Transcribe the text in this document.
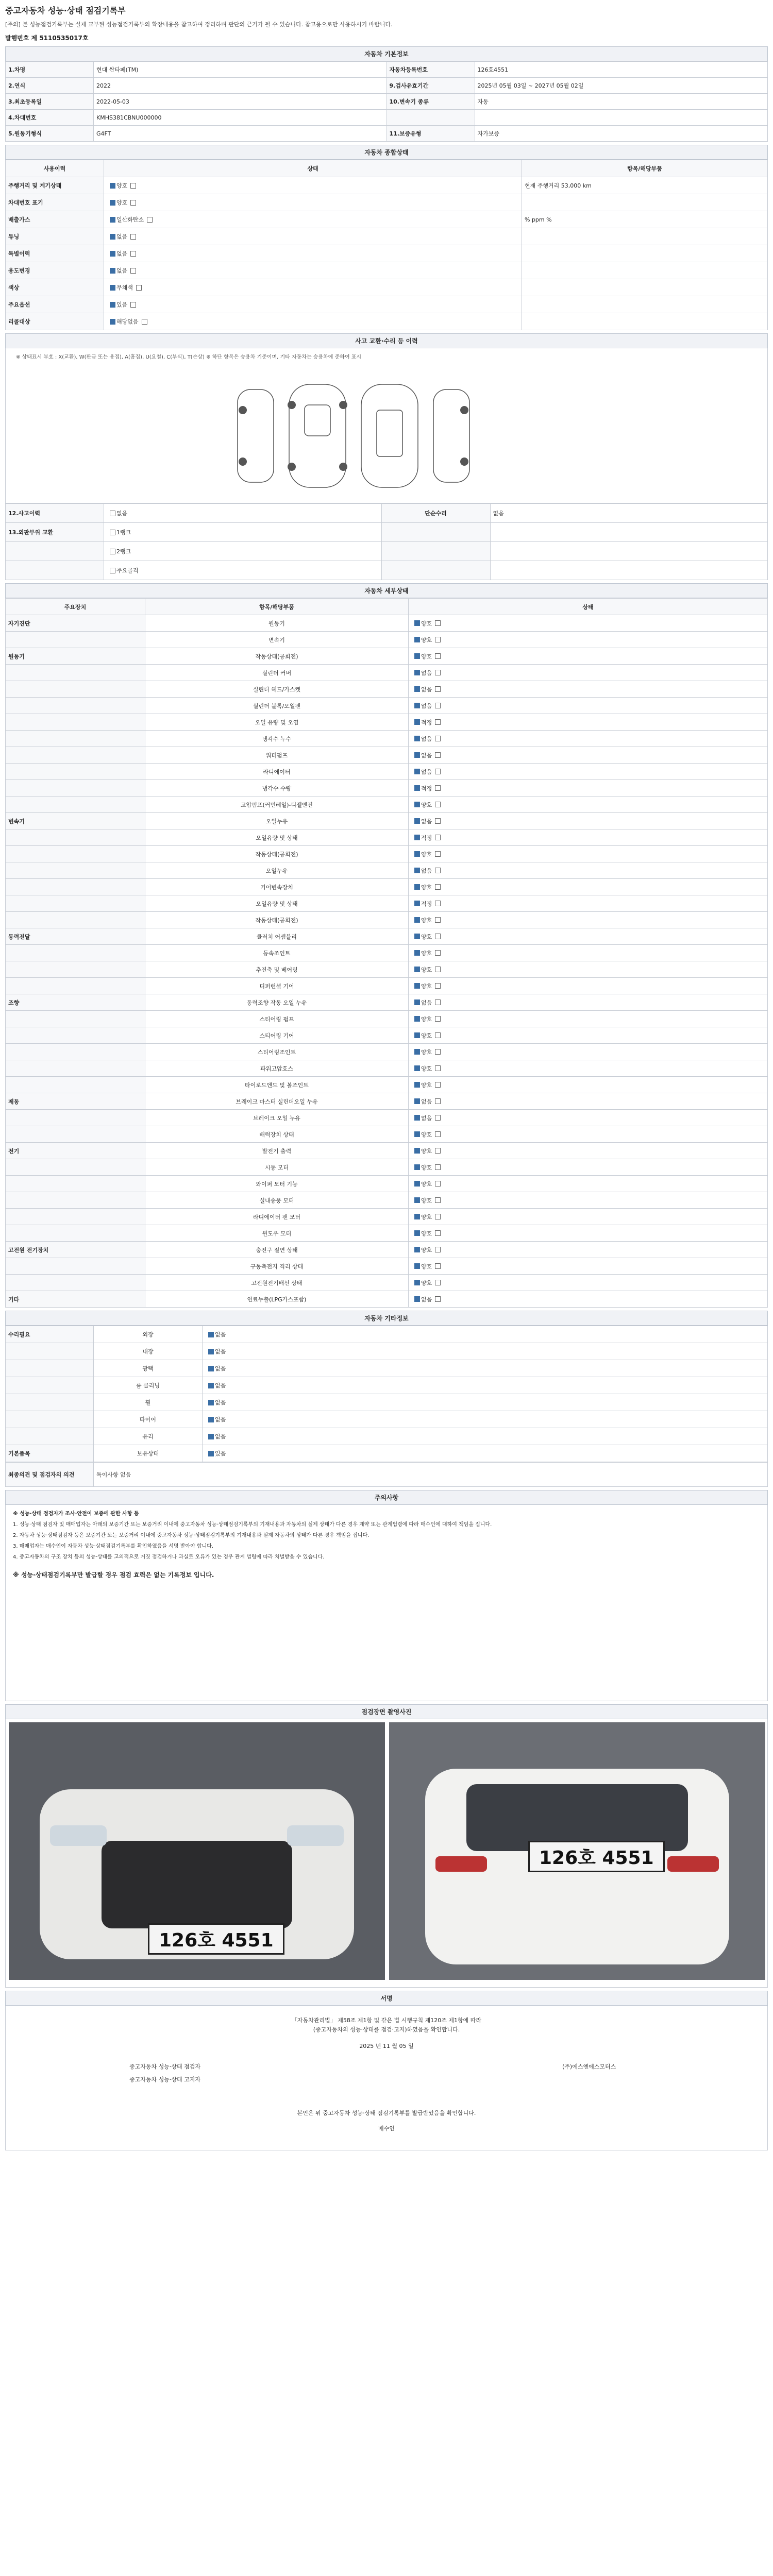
중고자동차 성능·상태 점검기록부
[주의] 본 성능점검기록부는 실제 교부된 성능점검기록부의 확장내용을 참고하여 정리하며 판단의 근거가 될 수 있습니다. 참고용으로만 사용하시기 바랍니다.
발행번호 제 5110535017호
자동차 기본정보
1.차명	현대 싼타페(TM)	자동차등록번호	126호4551
2.연식	2022	9.검사유효기간	2025년 05월 03일 ~ 2027년 05월 02일
3.최초등록일	2022-05-03	10.변속기 종류	자동
4.차대번호	KMHS381CBNU000000		
5.원동기형식	G4FT	11.보증유형	자가보증
자동차 종합상태
사용이력	상태	항목/해당부품
주행거리 및 계기상태	양호	현재 주행거리 53,000 km
차대번호 표기	양호	
배출가스	일산화탄소	% ppm %
튜닝	없음	
특별이력	없음	
용도변경	없음	
색상	무채색	
주요옵션	있음	
리콜대상	해당없음	
사고 교환·수리 등 이력
※ 상태표시 부호 : X(교환), W(판금 또는 용접), A(흠집), U(요철), C(부식), T(손상) ※ 하단 항목은 승용차 기준이며, 기타 자동차는 승용차에 준하여 표시
12.사고이력	없음	단순수리	없음
13.외판부위 교환	1랭크		
	2랭크		
	주요골격		
자동차 세부상태
주요장치	항목/해당부품	상태
자기진단	원동기	양호
	변속기	양호
원동기	작동상태(공회전)	양호
	실린더 커버	없음
	실린더 헤드/가스켓	없음
	실린더 블록/오일팬	없음
	오일 유량 및 오염	적정
	냉각수 누수	없음
	워터펌프	없음
	라디에이터	없음
	냉각수 수량	적정
	고압펌프(커먼레일)-디젤엔진	양호
변속기	오일누유	없음
	오일유량 및 상태	적정
	작동상태(공회전)	양호
	오일누유	없음
	기어변속장치	양호
	오일유량 및 상태	적정
	작동상태(공회전)	양호
동력전달	클러치 어셈블리	양호
	등속조인트	양호
	추진축 및 베어링	양호
	디퍼런셜 기어	양호
조향	동력조향 작동 오일 누유	없음
	스티어링 펌프	양호
	스티어링 기어	양호
	스티어링조인트	양호
	파워고압호스	양호
	타이로드엔드 및 볼조인트	양호
제동	브레이크 마스터 실린더오일 누유	없음
	브레이크 오일 누유	없음
	배력장치 상태	양호
전기	발전기 출력	양호
	시동 모터	양호
	와이퍼 모터 기능	양호
	실내송풍 모터	양호
	라디에이터 팬 모터	양호
	윈도우 모터	양호
고전원 전기장치	충전구 절연 상태	양호
	구동축전지 격리 상태	양호
	고전원전기배선 상태	양호
기타	연료누출(LPG가스포함)	없음
자동차 기타정보
수리필요	외장	없음
	내장	없음
	광택	없음
	룸 클리닝	없음
	휠	없음
	타이어	없음
	유리	없음
기본품목	보유상태	있음
최종의견 및 점검자의 의견	특이사항 없음
주의사항

※ 성능·상태 점검자가 조사·안전이 보증에 관한 사항 등

1. 성능·상태 점검자 및 매매업자는 아래의 보증기간 또는 보증거리 이내에 중고자동차 성능·상태점검기록부의 기재내용과 자동차의 실제 상태가 다른 경우 계약 또는 관계법령에 따라 매수인에 대하여 책임을 집니다.

2. 자동차 성능·상태점검자 등은 보증기간 또는 보증거리 이내에 중고자동차 성능·상태점검기록부의 기재내용과 실제 자동차의 상태가 다른 경우 책임을 집니다.

3. 매매업자는 매수인이 자동차 성능·상태점검기록부를 확인하였음을 서명 받아야 합니다.

4. 중고자동차의 구조 장치 등의 성능·상태를 고의적으로 거짓 점검하거나 과실로 오류가 있는 경우 관계 법령에 따라 처벌받을 수 있습니다.

※ 성능·상태점검기록부만 발급할 경우 점검 효력은 없는 기록정보 입니다.

점검장면 촬영사진
126호 4551
126호 4551
서명
「자동차관리법」 제58조 제1항 및 같은 법 시행규칙 제120조 제1항에 따라
(중고자동차의 성능·상태를 점검·고지)하였음을 확인합니다.
2025 년 11 월 05 일
중고자동차 성능·상태 점검자
중고자동차 성능·상태 고지자
(주)에스엔에스모터스
본인은 위 중고자동차 성능·상태 점검기록부를 발급받았음을 확인합니다.
매수인
